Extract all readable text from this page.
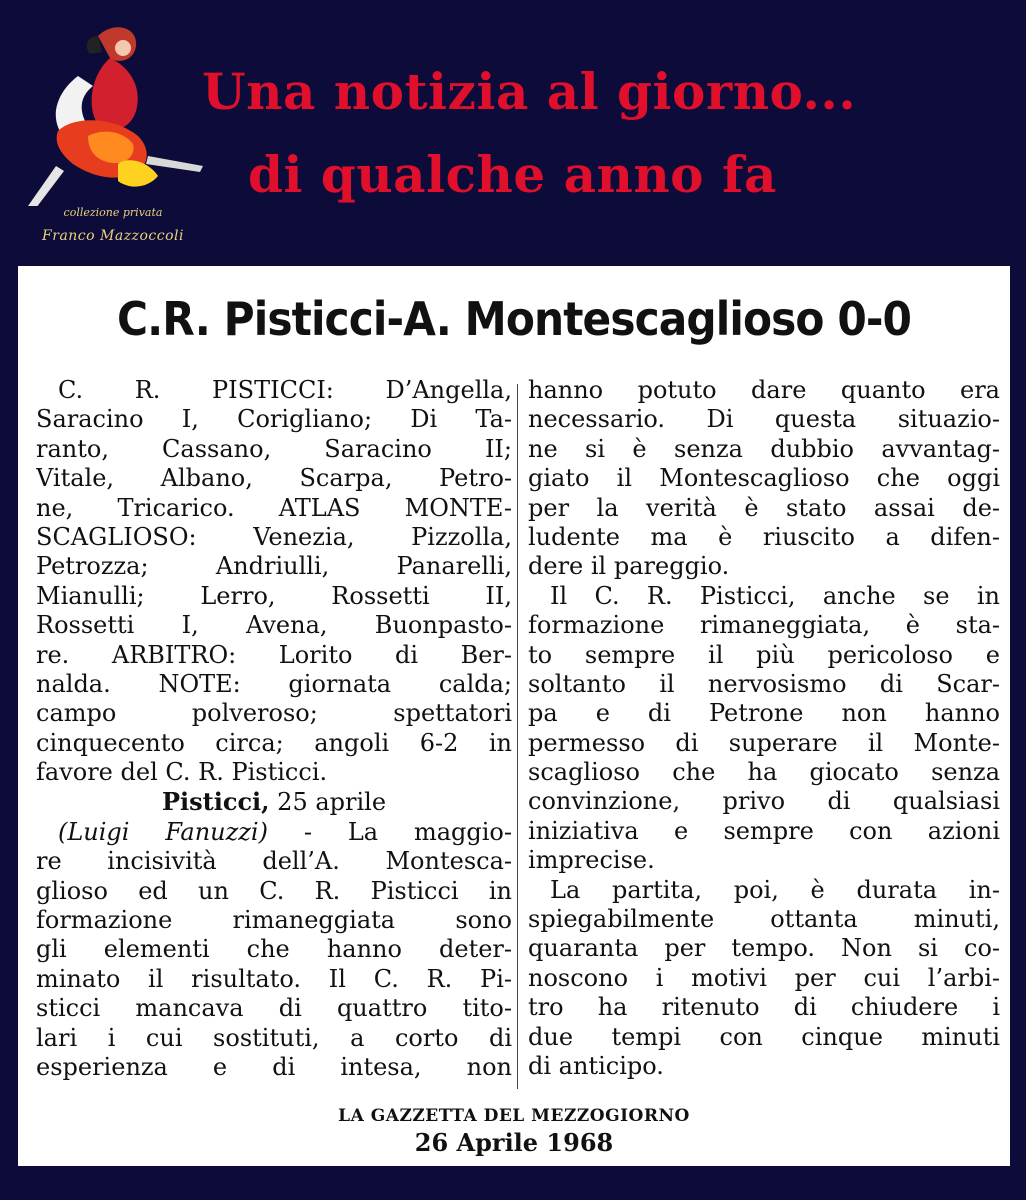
collezione privata
Franco Mazzoccoli
Una notizia al giorno...
di qualche anno fa
C.R. Pisticci-A. Montescaglioso 0-0
C. R. PISTICCI: D’Angella,
Saracino I, Corigliano; Di Ta-
ranto, Cassano, Saracino II;
Vitale, Albano, Scarpa, Petro-
ne, Tricarico. ATLAS MONTE-
SCAGLIOSO: Venezia, Pizzolla,
Petrozza; Andriulli, Panarelli,
Mianulli; Lerro, Rossetti II,
Rossetti I, Avena, Buonpasto-
re. ARBITRO: Lorito di Ber-
nalda. NOTE: giornata calda;
campo polveroso; spettatori
cinquecento circa; angoli 6-2 in
favore del C. R. Pisticci.
Pisticci, 25 aprile
(Luigi Fanuzzi) - La maggio-
re incisività dell’A. Montesca-
glioso ed un C. R. Pisticci in
formazione rimaneggiata sono
gli elementi che hanno deter-
minato il risultato. Il C. R. Pi-
sticci mancava di quattro tito-
lari i cui sostituti, a corto di
esperienza e di intesa, non
hanno potuto dare quanto era
necessario. Di questa situazio-
ne si è senza dubbio avvantag-
giato il Montescaglioso che oggi
per la verità è stato assai de-
ludente ma è riuscito a difen-
dere il pareggio.
Il C. R. Pisticci, anche se in
formazione rimaneggiata, è sta-
to sempre il più pericoloso e
soltanto il nervosismo di Scar-
pa e di Petrone non hanno
permesso di superare il Monte-
scaglioso che ha giocato senza
convinzione, privo di qualsiasi
iniziativa e sempre con azioni
imprecise.
La partita, poi, è durata in-
spiegabilmente ottanta minuti,
quaranta per tempo. Non si co-
noscono i motivi per cui l’arbi-
tro ha ritenuto di chiudere i
due tempi con cinque minuti
di anticipo.
LA GAZZETTA DEL MEZZOGIORNO
26 Aprile 1968
